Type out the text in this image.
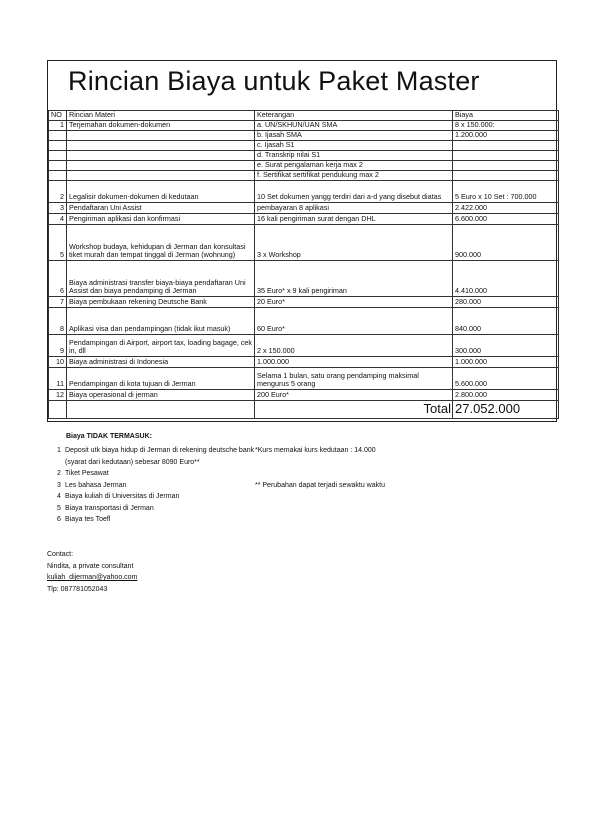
Rincian Biaya untuk Paket Master
NO	Rincian Materi	Keterangan	Biaya
1	Terjemahan dokumen-dokumen	a. UN/SKHUN/UAN SMA	8 x 150.000:
		b. Ijasah SMA	1.200.000
		c. Ijasah S1	
		d. Transkrip nilai S1	
		e. Surat pengalaman kerja max 2	
		f. Sertifikat sertifikat pendukung max 2	
2	Legalisir dokumen-dokumen di kedutaan	10 Set dokumen yangg terdiri dari a-d yang disebut diatas	5 Euro x 10 Set : 700.000
3	Pendaftaran Uni Assist	pembayaran 8 aplikasi	2.422.000
4	Pengiriman aplikasi dan konfirmasi	16 kali pengiriman surat dengan DHL	6.600.000
5	Workshop budaya, kehidupan di Jerman dan konsultasi tiket murah dan tempat tinggal di Jerman (wohnung)	3 x Workshop	900.000
6	Biaya administrasi transfer biaya-biaya pendaftaran Uni Assist dan biaya pendamping di Jerman	35 Euro* x 9 kali pengiriman	4.410.000
7	Biaya pembukaan rekening Deutsche Bank	20 Euro*	280.000
8	Aplikasi visa dan pendampingan (tidak ikut masuk)	60 Euro*	840.000
9	Pendampingan di Airport, airport tax, loading bagage, cek in, dll	2 x 150.000	300.000
10	Biaya administrasi di Indonesia	1.000.000	1.000.000
11	Pendampingan di kota tujuan di Jerman	Selama 1 bulan, satu orang pendamping maksimal mengurus 5 orang	5.600.000
12	Biaya operasional di jerman	200 Euro*	2.800.000
		Total	27.052.000
Biaya TIDAK TERMASUK:
1 Deposit utk biaya hidup di Jerman di rekening deutsche bank (syarat dari kedutaan) sebesar 8090 Euro**
2 Tiket Pesawat
3 Les bahasa Jerman
4 Biaya kuliah di Universitas di Jerman
5 Biaya transportasi di Jerman
6 Biaya tes Toefl
*Kurs memakai kurs kedutaan : 14.000
** Perubahan dapat terjadi sewaktu waktu
Contact:
Nindita, a private consultant
kuliah_dijerman@yahoo.com
Tlp: 087781052043
